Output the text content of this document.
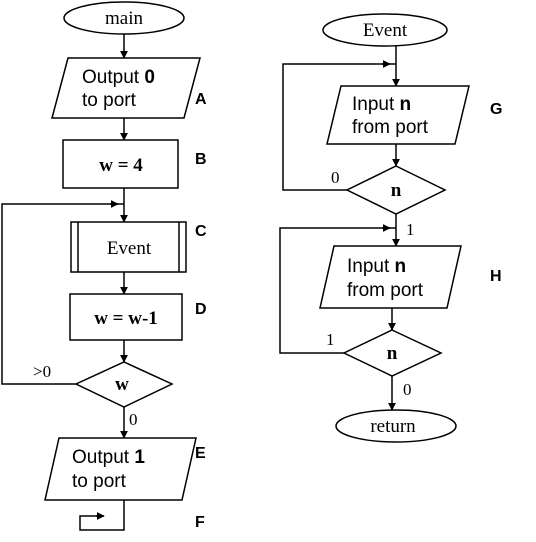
main
Output 0
to port	A
w = 4	B
Event
C
w = w-1 D
w
>0
0
Output 1
to port
E
F
Event
Input n
from port
G
n
0
1
Input n
from port
H
n
1
0
return
